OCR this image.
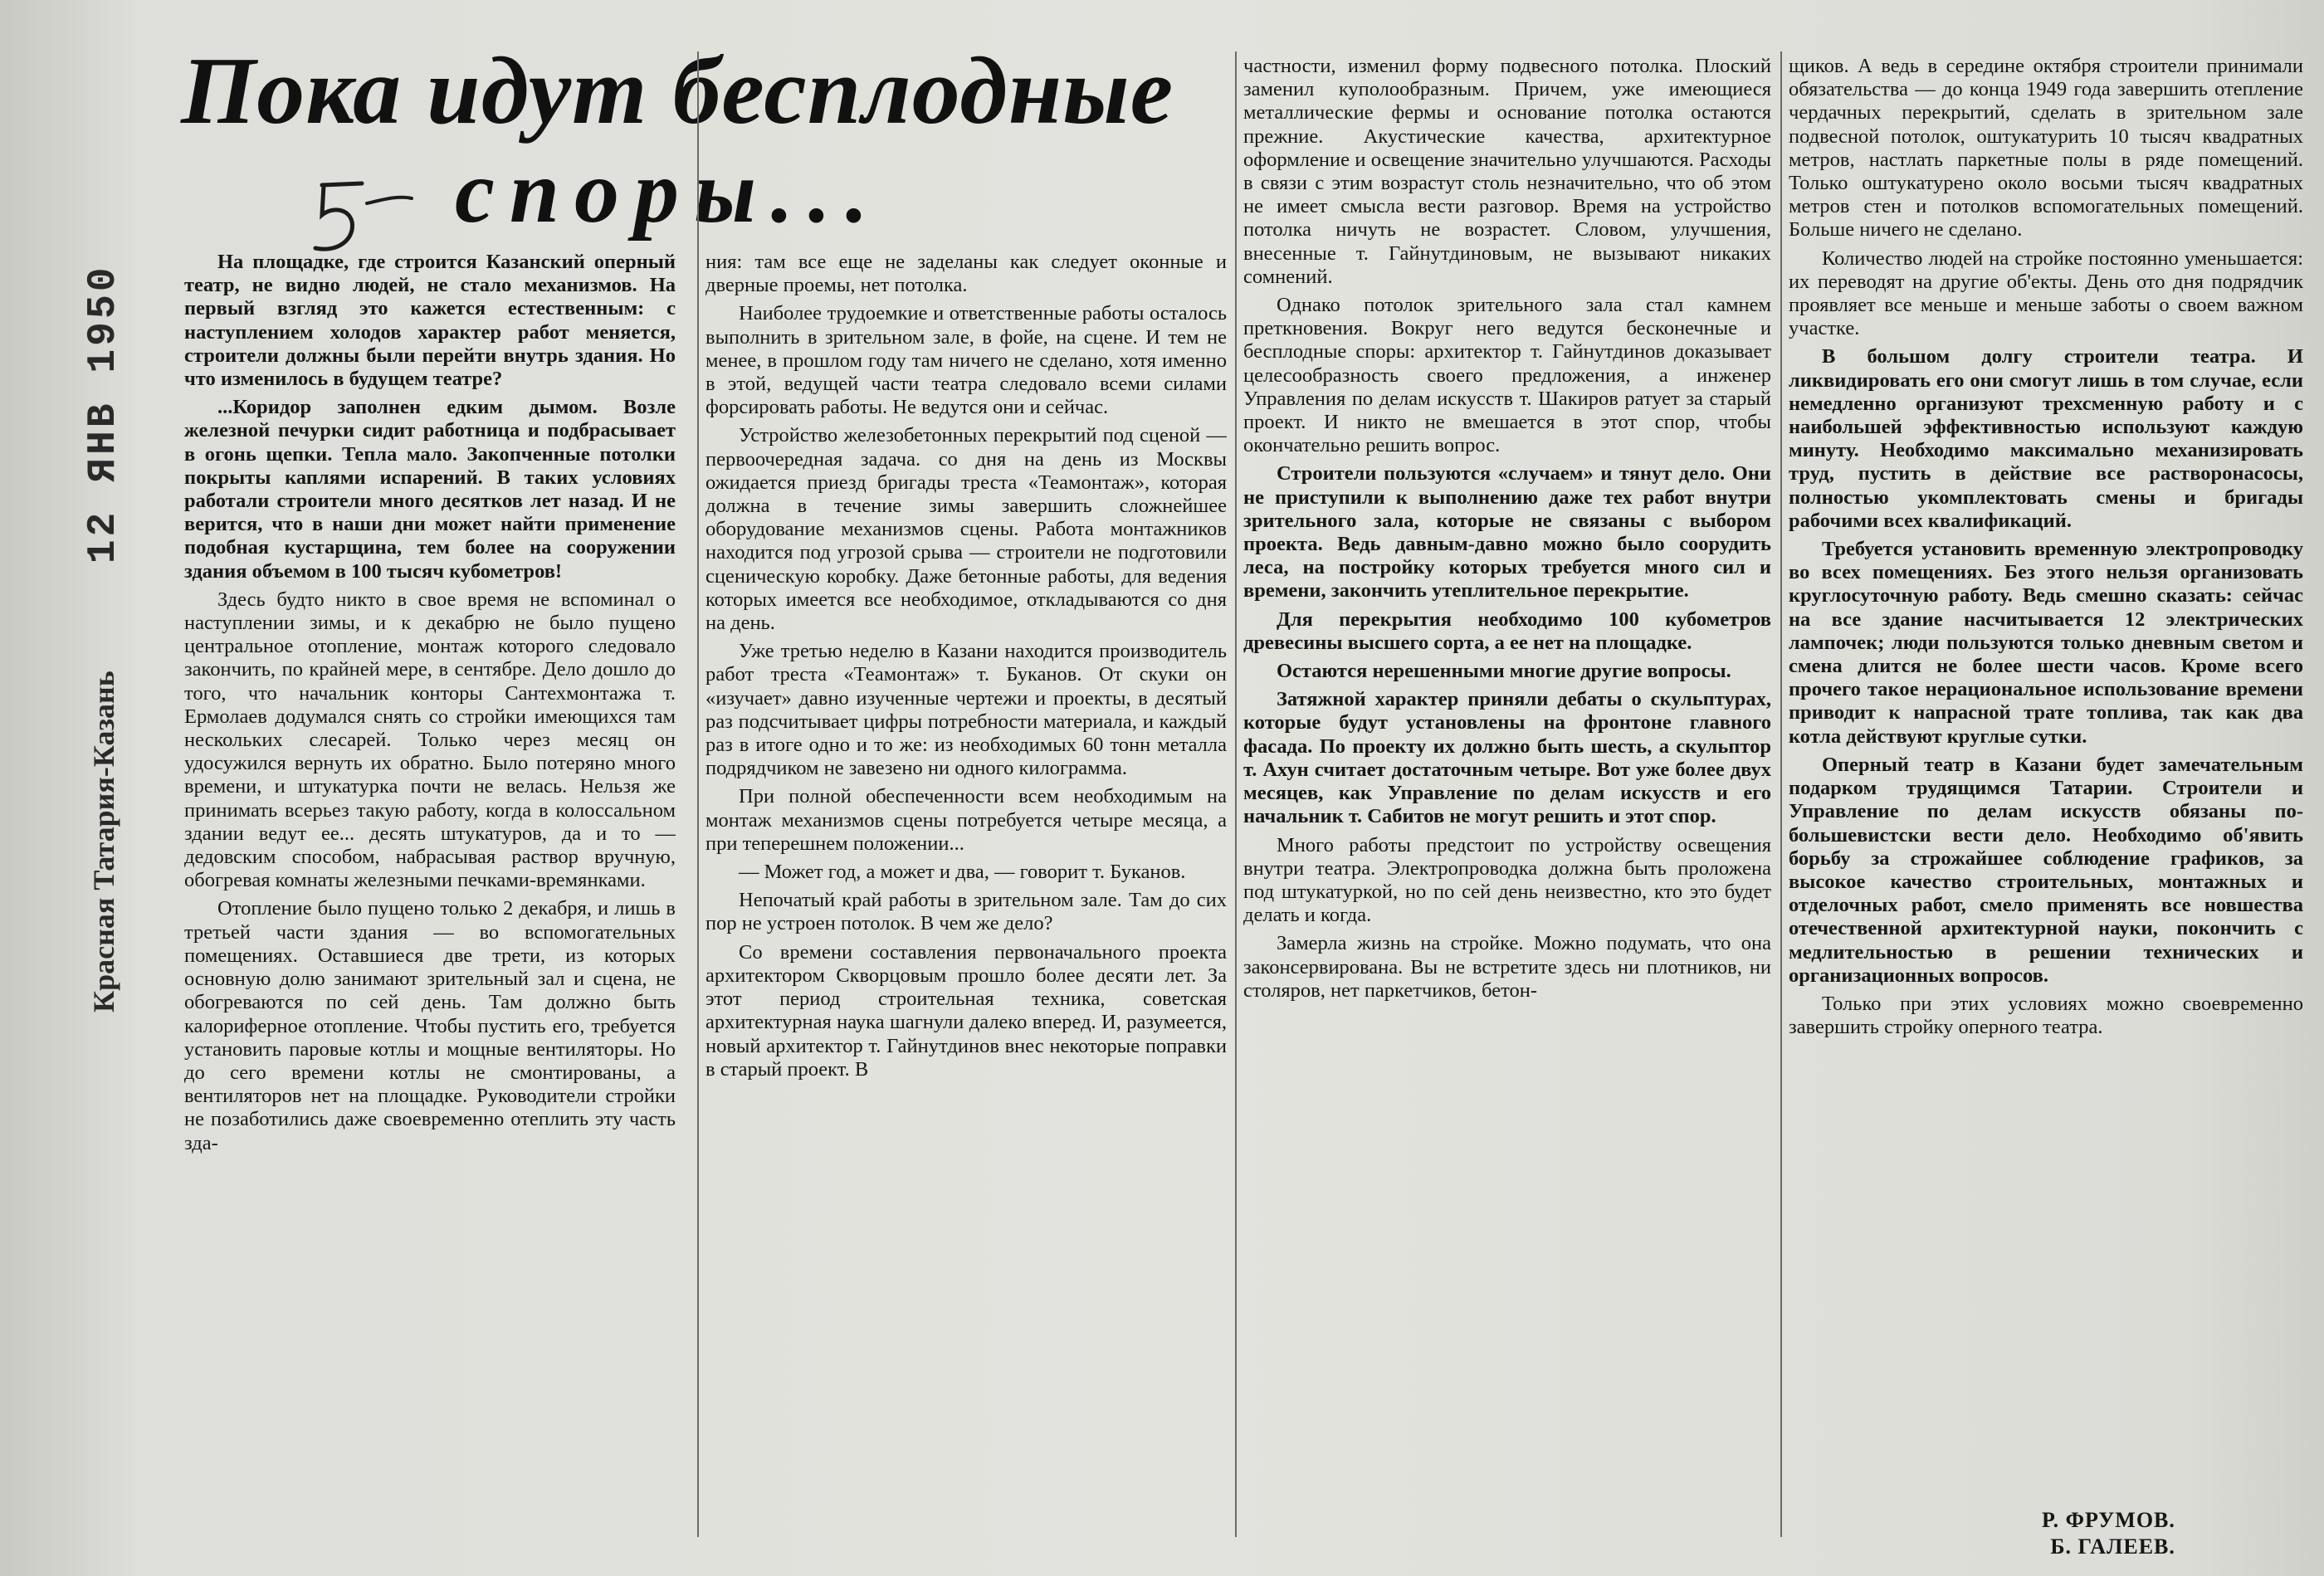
Пока идут бесплодные
споры...
Красная Татария-Казань 12 ЯНВ 1950

На площадке, где строится Казанский оперный театр, не видно людей, не стало механизмов. На первый взгляд это кажется естественным: с наступлением холодов характер работ меняется, строители должны были перейти внутрь здания. Но что изменилось в будущем театре?

...Коридор заполнен едким дымом. Возле железной печурки сидит работница и подбрасывает в огонь щепки. Тепла мало. Закопченные потолки покрыты каплями испарений. В таких условиях работали строители много десятков лет назад. И не верится, что в наши дни может найти применение подобная кустарщина, тем более на сооружении здания объемом в 100 тысяч кубометров!

Здесь будто никто в свое время не вспоминал о наступлении зимы, и к декабрю не было пущено центральное отопление, монтаж которого следовало закончить, по крайней мере, в сентябре. Дело дошло до того, что начальник конторы Сантехмонтажа т. Ермолаев додумался снять со стройки имеющихся там нескольких слесарей. Только через месяц он удосужился вернуть их обратно. Было потеряно много времени, и штукатурка почти не велась. Нельзя же принимать всерьез такую работу, когда в колоссальном здании ведут ее... десять штукатуров, да и то — дедовским способом, набрасывая раствор вручную, обогревая комнаты железными печками-времянками.

Отопление было пущено только 2 декабря, и лишь в третьей части здания — во вспомогательных помещениях. Оставшиеся две трети, из которых основную долю занимают зрительный зал и сцена, не обогреваются по сей день. Там должно быть калориферное отопление. Чтобы пустить его, требуется установить паровые котлы и мощные вентиляторы. Но до сего времени котлы не смонтированы, а вентиляторов нет на площадке. Руководители стройки не позаботились даже своевременно отеплить эту часть зда-

ния: там все еще не заделаны как следует оконные и дверные проемы, нет потолка.

Наиболее трудоемкие и ответственные работы осталось выполнить в зрительном зале, в фойе, на сцене. И тем не менее, в прошлом году там ничего не сделано, хотя именно в этой, ведущей части театра следовало всеми силами форсировать работы. Не ведутся они и сейчас.

Устройство железобетонных перекрытий под сценой — первоочередная задача. со дня на день из Москвы ожидается приезд бригады треста «Теамонтаж», которая должна в течение зимы завершить сложнейшее оборудование механизмов сцены. Работа монтажников находится под угрозой срыва — строители не подготовили сценическую коробку. Даже бетонные работы, для ведения которых имеется все необходимое, откладываются со дня на день.

Уже третью неделю в Казани находится производитель работ треста «Теамонтаж» т. Буканов. От скуки он «изучает» давно изученные чертежи и проекты, в десятый раз подсчитывает цифры потребности материала, и каждый раз в итоге одно и то же: из необходимых 60 тонн металла подрядчиком не завезено ни одного килограмма.

При полной обеспеченности всем необходимым на монтаж механизмов сцены потребуется четыре месяца, а при теперешнем положении...

— Может год, а может и два, — говорит т. Буканов.

Непочатый край работы в зрительном зале. Там до сих пор не устроен потолок. В чем же дело?

Со времени составления первоначального проекта архитектором Скворцовым прошло более десяти лет. За этот период строительная техника, советская архитектурная наука шагнули далеко вперед. И, разумеется, новый архитектор т. Гайнутдинов внес некоторые поправки в старый проект. В

частности, изменил форму подвесного потолка. Плоский заменил куполообразным. Причем, уже имеющиеся металлические фермы и основание потолка остаются прежние. Акустические качества, архитектурное оформление и освещение значительно улучшаются. Расходы в связи с этим возрастут столь незначительно, что об этом не имеет смысла вести разговор. Время на устройство потолка ничуть не возрастет. Словом, улучшения, внесенные т. Гайнутдиновым, не вызывают никаких сомнений.

Однако потолок зрительного зала стал камнем преткновения. Вокруг него ведутся бесконечные и бесплодные споры: архитектор т. Гайнутдинов доказывает целесообразность своего предложения, а инженер Управления по делам искусств т. Шакиров ратует за старый проект. И никто не вмешается в этот спор, чтобы окончательно решить вопрос.

Строители пользуются «случаем» и тянут дело. Они не приступили к выполнению даже тех работ внутри зрительного зала, которые не связаны с выбором проекта. Ведь давным-давно можно было соорудить леса, на постройку которых требуется много сил и времени, закончить утеплительное перекрытие.

Для перекрытия необходимо 100 кубометров древесины высшего сорта, а ее нет на площадке.

Остаются нерешенными многие другие вопросы.

Затяжной характер приняли дебаты о скульптурах, которые будут установлены на фронтоне главного фасада. По проекту их должно быть шесть, а скульптор т. Ахун считает достаточным четыре. Вот уже более двух месяцев, как Управление по делам искусств и его начальник т. Сабитов не могут решить и этот спор.

Много работы предстоит по устройству освещения внутри театра. Электропроводка должна быть проложена под штукатуркой, но по сей день неизвестно, кто это будет делать и когда.

Замерла жизнь на стройке. Можно подумать, что она законсервирована. Вы не встретите здесь ни плотников, ни столяров, нет паркетчиков, бетон-

щиков. А ведь в середине октября строители принимали обязательства — до конца 1949 года завершить отепление чердачных перекрытий, сделать в зрительном зале подвесной потолок, оштукатурить 10 тысяч квадратных метров, настлать паркетные полы в ряде помещений. Только оштукатурено около восьми тысяч квадратных метров стен и потолков вспомогательных помещений. Больше ничего не сделано.

Количество людей на стройке постоянно уменьшается: их переводят на другие об'екты. День ото дня подрядчик проявляет все меньше и меньше заботы о своем важном участке.

В большом долгу строители театра. И ликвидировать его они смогут лишь в том случае, если немедленно организуют трехсменную работу и с наибольшей эффективностью используют каждую минуту. Необходимо максимально механизировать труд, пустить в действие все растворонасосы, полностью укомплектовать смены и бригады рабочими всех квалификаций.

Требуется установить временную электропроводку во всех помещениях. Без этого нельзя организовать круглосуточную работу. Ведь смешно сказать: сейчас на все здание насчитывается 12 электрических лампочек; люди пользуются только дневным светом и смена длится не более шести часов. Кроме всего прочего такое нерациональное использование времени приводит к напрасной трате топлива, так как два котла действуют круглые сутки.

Оперный театр в Казани будет замечательным подарком трудящимся Татарии. Строители и Управление по делам искусств обязаны по-большевистски вести дело. Необходимо об'явить борьбу за строжайшее соблюдение графиков, за высокое качество строительных, монтажных и отделочных работ, смело применять все новшества отечественной архитектурной науки, покончить с медлительностью в решении технических и организационных вопросов.

Только при этих условиях можно своевременно завершить стройку оперного театра.

Р. ФРУМОВ.
Б. ГАЛЕЕВ.
